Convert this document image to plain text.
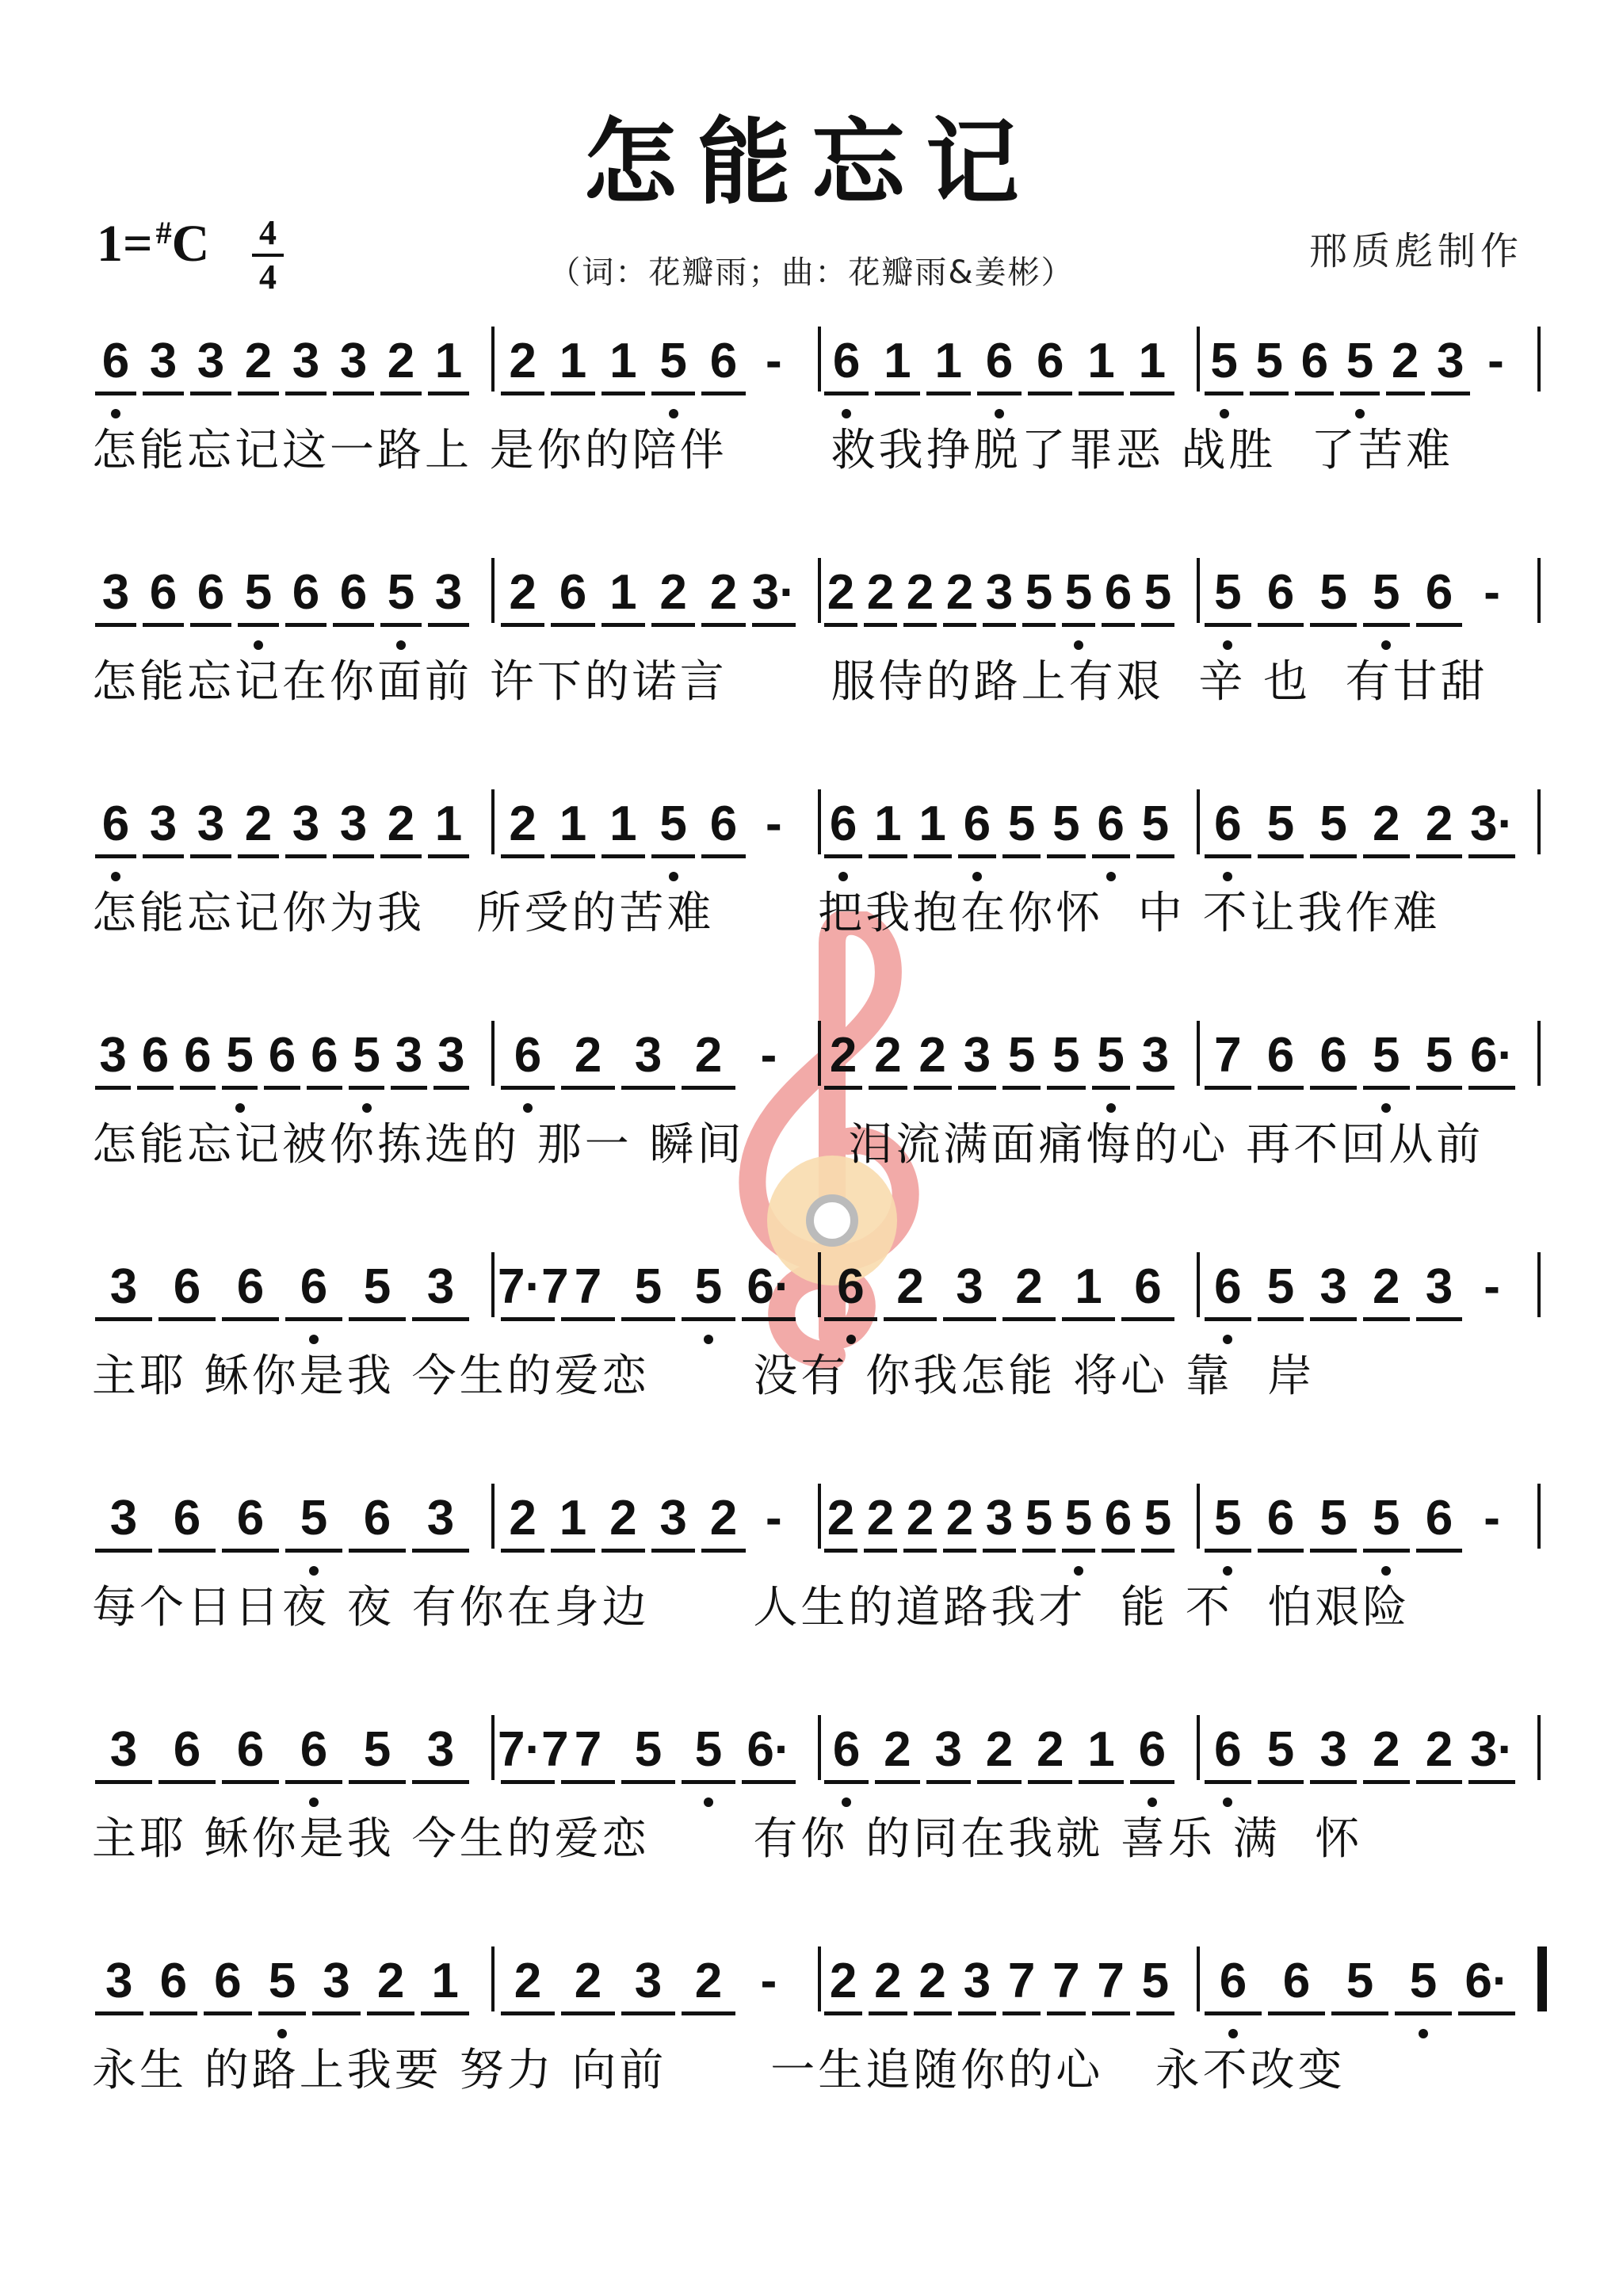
怎能忘记
1= #C 4
4	（词：花瓣雨；曲：花瓣雨&姜彬）	邢质彪制作
6 3 3 2 3 3 2 1 2 1 1 5 6 -	6 1 1 6 6 1 1 5 5 6 5 2 3 -
怎能忘记这一路上 是你的陪伴      救我挣脱了罪恶 战胜  了苦难
3 6 6 5 6 6 5 3 2 6 1 2 2 3· 2 2 2 2 3 5 5 6 5 5 6 5 5 6 -
怎能忘记在你面前 许下的诺言      服侍的路上有艰  辛 也  有甘甜
6 3 3 2 3 3 2 1 2 1 1 5 6 - 6 1 1 6 5 5 6 5 6 5 5 2 2 3·
怎能忘记你为我   所受的苦难      把我抱在你怀  中 不让我作难
3 6 6 5 6 6 5 3 3	6 2 3 2 -	2 2 2 3 5 5 5 3 7 6 6 5 5 6·
怎能忘记被你拣选的 那一 瞬间      泪流满面痛悔的心 再不回从前
3 6 6 6 5 3 7·7 7 5 5 6· 6 2 3 2 1 6	6 5 3 2 3 -
主耶 稣你是我 今生的爱恋      没有 你我怎能 将心 靠  岸
3 6 6 5 6 3	2 1 2 3 2 - 2 2 2 2 3 5 5 6 5 5 6 5 5 6 -
每个日日夜 夜 有你在身边      人生的道路我才  能 不  怕艰险
3 6 6 6 5 3 7·7 7 5 5 6· 6 2 3 2 2 1 6 6 5 3 2 2 3·
主耶 稣你是我 今生的爱恋      有你 的同在我就 喜乐 满  怀
3 6 6 5 3 2 1	2 2 3 2 -	2 2 2 3 7 7 7 5	6 6 5 5 6·
永生 的路上我要 努力 向前      一生追随你的心   永不改变
